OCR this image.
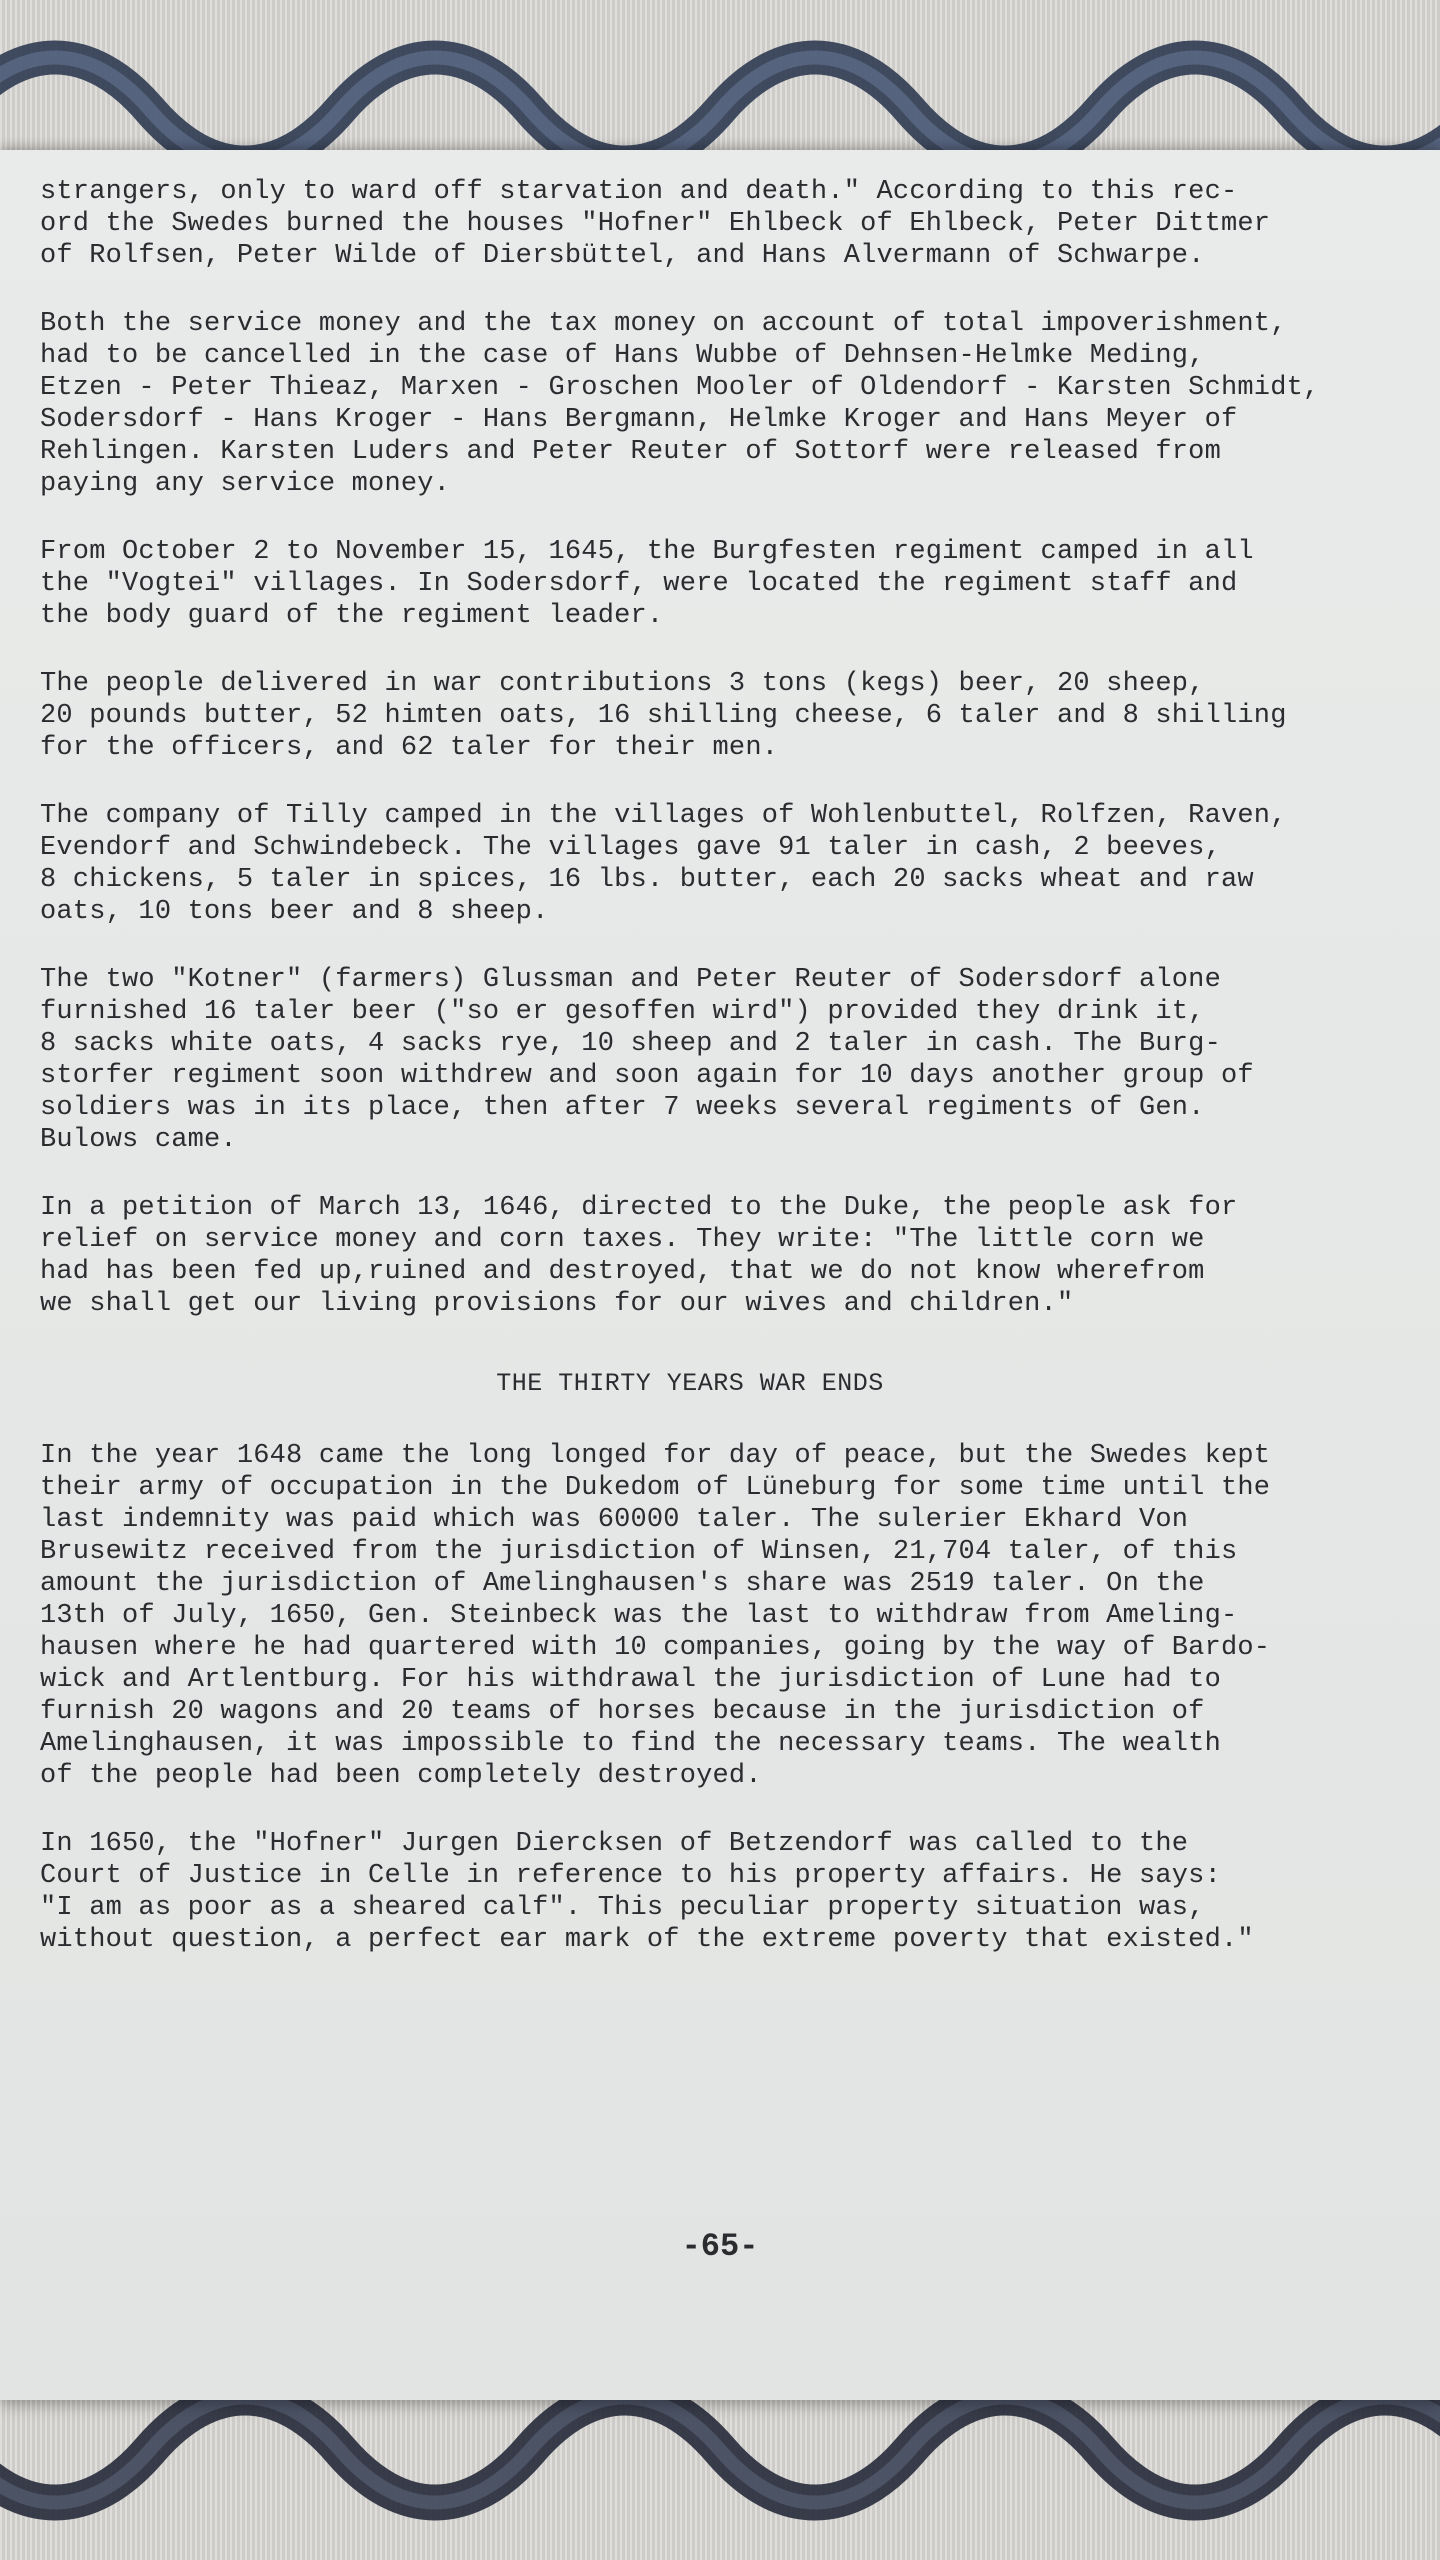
strangers, only to ward off starvation and death." According to this rec-
ord the Swedes burned the houses "Hofner" Ehlbeck of Ehlbeck, Peter Dittmer
of Rolfsen, Peter Wilde of Diersbüttel, and Hans Alvermann of Schwarpe.

Both the service money and the tax money on account of total impoverishment,
had to be cancelled in the case of Hans Wubbe of Dehnsen-Helmke Meding,
Etzen - Peter Thieaz, Marxen - Groschen Mooler of Oldendorf - Karsten Schmidt,
Sodersdorf - Hans Kroger - Hans Bergmann, Helmke Kroger and Hans Meyer of
Rehlingen. Karsten Luders and Peter Reuter of Sottorf were released from
paying any service money.

From October 2 to November 15, 1645, the Burgfesten regiment camped in all
the "Vogtei" villages. In Sodersdorf, were located the regiment staff and
the body guard of the regiment leader.

The people delivered in war contributions 3 tons (kegs) beer, 20 sheep,
20 pounds butter, 52 himten oats, 16 shilling cheese, 6 taler and 8 shilling
for the officers, and 62 taler for their men.

The company of Tilly camped in the villages of Wohlenbuttel, Rolfzen, Raven,
Evendorf and Schwindebeck. The villages gave 91 taler in cash, 2 beeves,
8 chickens, 5 taler in spices, 16 lbs. butter, each 20 sacks wheat and raw
oats, 10 tons beer and 8 sheep.

The two "Kotner" (farmers) Glussman and Peter Reuter of Sodersdorf alone
furnished 16 taler beer ("so er gesoffen wird") provided they drink it,
8 sacks white oats, 4 sacks rye, 10 sheep and 2 taler in cash. The Burg-
storfer regiment soon withdrew and soon again for 10 days another group of
soldiers was in its place, then after 7 weeks several regiments of Gen.
Bulows came.

In a petition of March 13, 1646, directed to the Duke, the people ask for
relief on service money and corn taxes. They write: "The little corn we
had has been fed up,ruined and destroyed, that we do not know wherefrom
we shall get our living provisions for our wives and children."

THE THIRTY YEARS WAR ENDS

In the year 1648 came the long longed for day of peace, but the Swedes kept
their army of occupation in the Dukedom of Lüneburg for some time until the
last indemnity was paid which was 60000 taler. The sulerier Ekhard Von
Brusewitz received from the jurisdiction of Winsen, 21,704 taler, of this
amount the jurisdiction of Amelinghausen's share was 2519 taler. On the
13th of July, 1650, Gen. Steinbeck was the last to withdraw from Ameling-
hausen where he had quartered with 10 companies, going by the way of Bardo-
wick and Artlentburg. For his withdrawal the jurisdiction of Lune had to
furnish 20 wagons and 20 teams of horses because in the jurisdiction of
Amelinghausen, it was impossible to find the necessary teams. The wealth
of the people had been completely destroyed.

In 1650, the "Hofner" Jurgen Diercksen of Betzendorf was called to the
Court of Justice in Celle in reference to his property affairs. He says:
"I am as poor as a sheared calf". This peculiar property situation was,
without question, a perfect ear mark of the extreme poverty that existed."

-65-
